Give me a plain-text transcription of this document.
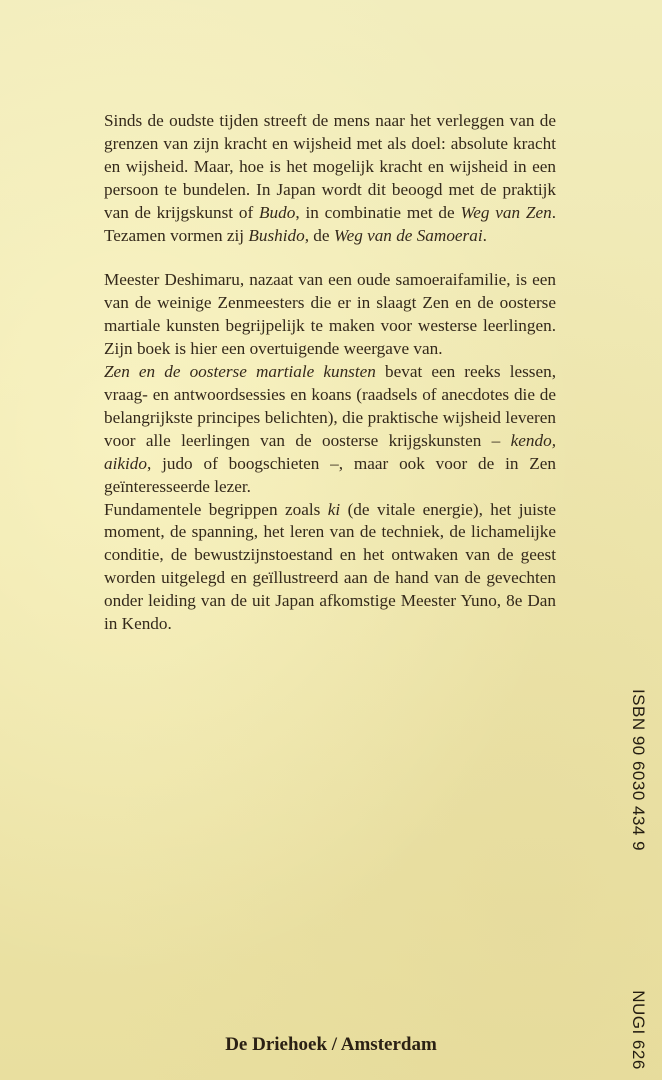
Sinds de oudste tijden streeft de mens naar het verleggen van de grenzen van zijn kracht en wijsheid met als doel: absolute kracht en wijsheid. Maar, hoe is het mogelijk kracht en wijsheid in een persoon te bundelen. In Japan wordt dit beoogd met de praktijk van de krijgskunst of Budo, in combinatie met de Weg van Zen. Tezamen vormen zij Bushido, de Weg van de Samoerai.

Meester Deshimaru, nazaat van een oude samoeraifamilie, is een van de weinige Zenmeesters die er in slaagt Zen en de oosterse martiale kunsten begrijpelijk te maken voor westerse leerlingen. Zijn boek is hier een overtuigende weergave van.

Zen en de oosterse martiale kunsten bevat een reeks lessen, vraag- en antwoordsessies en koans (raadsels of anecdotes die de belangrijkste principes belichten), die praktische wijsheid leveren voor alle leerlingen van de oosterse krijgskunsten – kendo, aikido, judo of boogschieten –, maar ook voor de in Zen geïnteresseerde lezer.

Fundamentele begrippen zoals ki (de vitale energie), het juiste moment, de spanning, het leren van de techniek, de lichamelijke conditie, de bewustzijnstoestand en het ontwaken van de geest worden uitgelegd en geïllustreerd aan de hand van de gevechten onder leiding van de uit Japan afkomstige Meester Yuno, 8e Dan in Kendo.

ISBN 90 6030 434 9
NUGI 626
De Driehoek / Amsterdam
